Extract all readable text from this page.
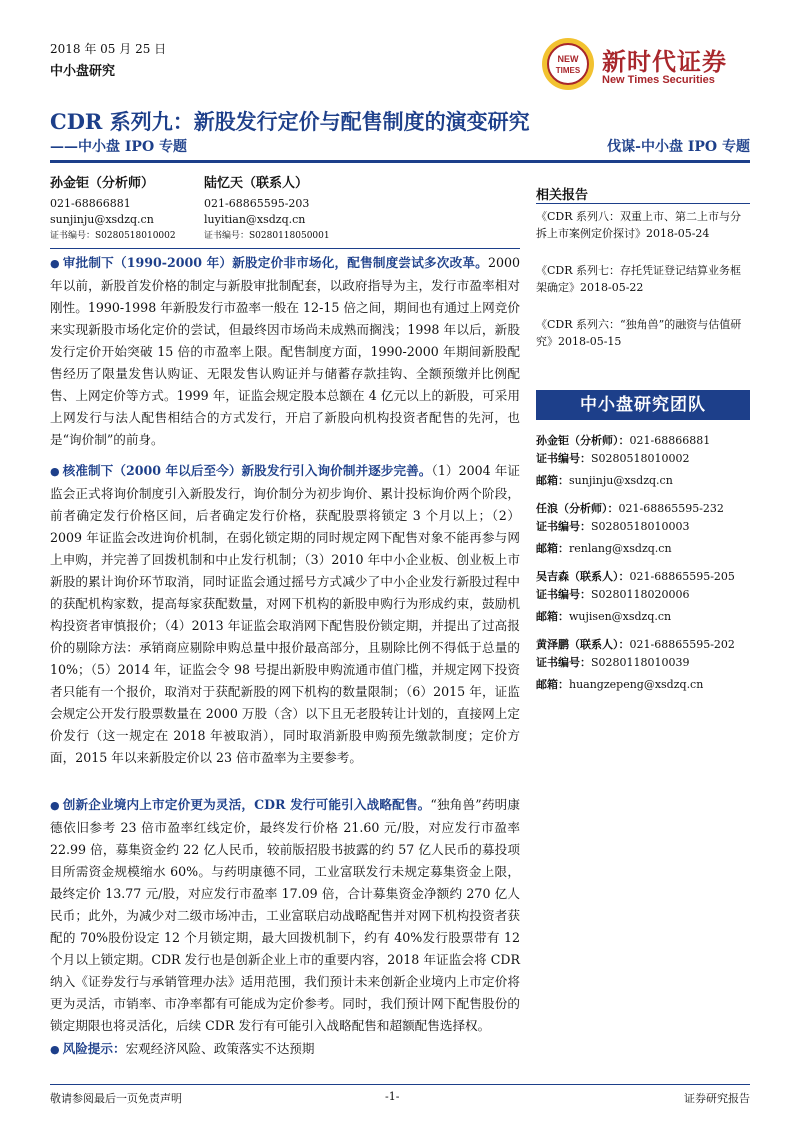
2018 年 05 月 25 日
中小盘研究
NEW
TIMES 新时代证券
New Times Securities
CDR 系列九：新股发行定价与配售制度的演变研究
——中小盘 IPO 专题	伐谋-中小盘 IPO 专题
孙金钜（分析师）
021-68866881
sunjinju@xsdzq.cn
证书编号：S0280518010002
陆忆天（联系人）
021-68865595-203
luyitian@xsdzq.cn
证书编号：S0280118050001
● 审批制下（1990-2000 年）新股定价非市场化，配售制度尝试多次改革。2000 年以前，新股首发价格的制定与新股审批制配套，以政府指导为主，发行市盈率相对刚性。1990-1998 年新股发行市盈率一般在 12-15 倍之间，期间也有通过上网竞价来实现新股市场化定价的尝试，但最终因市场尚未成熟而搁浅；1998 年以后，新股发行定价开始突破 15 倍的市盈率上限。配售制度方面，1990-2000 年期间新股配售经历了限量发售认购证、无限发售认购证并与储蓄存款挂钩、全额预缴并比例配售、上网定价等方式。1999 年，证监会规定股本总额在 4 亿元以上的新股，可采用上网发行与法人配售相结合的方式发行，开启了新股向机构投资者配售的先河，也是“询价制”的前身。
● 核准制下（2000 年以后至今）新股发行引入询价制并逐步完善。（1）2004 年证监会正式将询价制度引入新股发行，询价制分为初步询价、累计投标询价两个阶段，前者确定发行价格区间，后者确定发行价格，获配股票将锁定 3 个月以上；（2）2009 年证监会改进询价机制，在弱化锁定期的同时规定网下配售对象不能再参与网上申购，并完善了回拨机制和中止发行机制；（3）2010 年中小企业板、创业板上市新股的累计询价环节取消，同时证监会通过摇号方式减少了中小企业发行新股过程中的获配机构家数，提高每家获配数量，对网下机构的新股申购行为形成约束，鼓励机构投资者审慎报价；（4）2013 年证监会取消网下配售股份锁定期，并提出了过高报价的剔除方法：承销商应剔除申购总量中报价最高部分，且剔除比例不得低于总量的 10%；（5）2014 年，证监会令 98 号提出新股申购流通市值门槛，并规定网下投资者只能有一个报价，取消对于获配新股的网下机构的数量限制；（6）2015 年，证监会规定公开发行股票数量在 2000 万股（含）以下且无老股转让计划的，直接网上定价发行（这一规定在 2018 年被取消），同时取消新股申购预先缴款制度；定价方面，2015 年以来新股定价以 23 倍市盈率为主要参考。
● 创新企业境内上市定价更为灵活，CDR 发行可能引入战略配售。“独角兽”药明康德依旧参考 23 倍市盈率红线定价，最终发行价格 21.60 元/股，对应发行市盈率 22.99 倍，募集资金约 22 亿人民币，较前版招股书披露的约 57 亿人民币的募投项目所需资金规模缩水 60%。与药明康德不同，工业富联发行未规定募集资金上限，最终定价 13.77 元/股，对应发行市盈率 17.09 倍，合计募集资金净额约 270 亿人民币；此外，为减少对二级市场冲击，工业富联启动战略配售并对网下机构投资者获配的 70%股份设定 12 个月锁定期，最大回拨机制下，约有 40%发行股票带有 12 个月以上锁定期。CDR 发行也是创新企业上市的重要内容，2018 年证监会将 CDR 纳入《证券发行与承销管理办法》适用范围，我们预计未来创新企业境内上市定价将更为灵活，市销率、市净率都有可能成为定价参考。同时，我们预计网下配售股份的锁定期限也将灵活化，后续 CDR 发行有可能引入战略配售和超额配售选择权。
● 风险提示：宏观经济风险、政策落实不达预期
相关报告
《CDR 系列八：双重上市、第二上市与分拆上市案例定价探讨》2018-05-24
《CDR 系列七：存托凭证登记结算业务框架确定》2018-05-22
《CDR 系列六：“独角兽”的融资与估值研究》2018-05-15
中小盘研究团队
孙金钜（分析师）：021-68866881
证书编号：S0280518010002
邮箱：sunjinju@xsdzq.cn
任浪（分析师）：021-68865595-232
证书编号：S0280518010003
邮箱：renlang@xsdzq.cn
吴吉森（联系人）：021-68865595-205
证书编号：S0280118020006
邮箱：wujisen@xsdzq.cn
黄泽鹏（联系人）：021-68865595-202
证书编号：S0280118010039
邮箱：huangzepeng@xsdzq.cn
敬请参阅最后一页免责声明	-1-	证券研究报告
